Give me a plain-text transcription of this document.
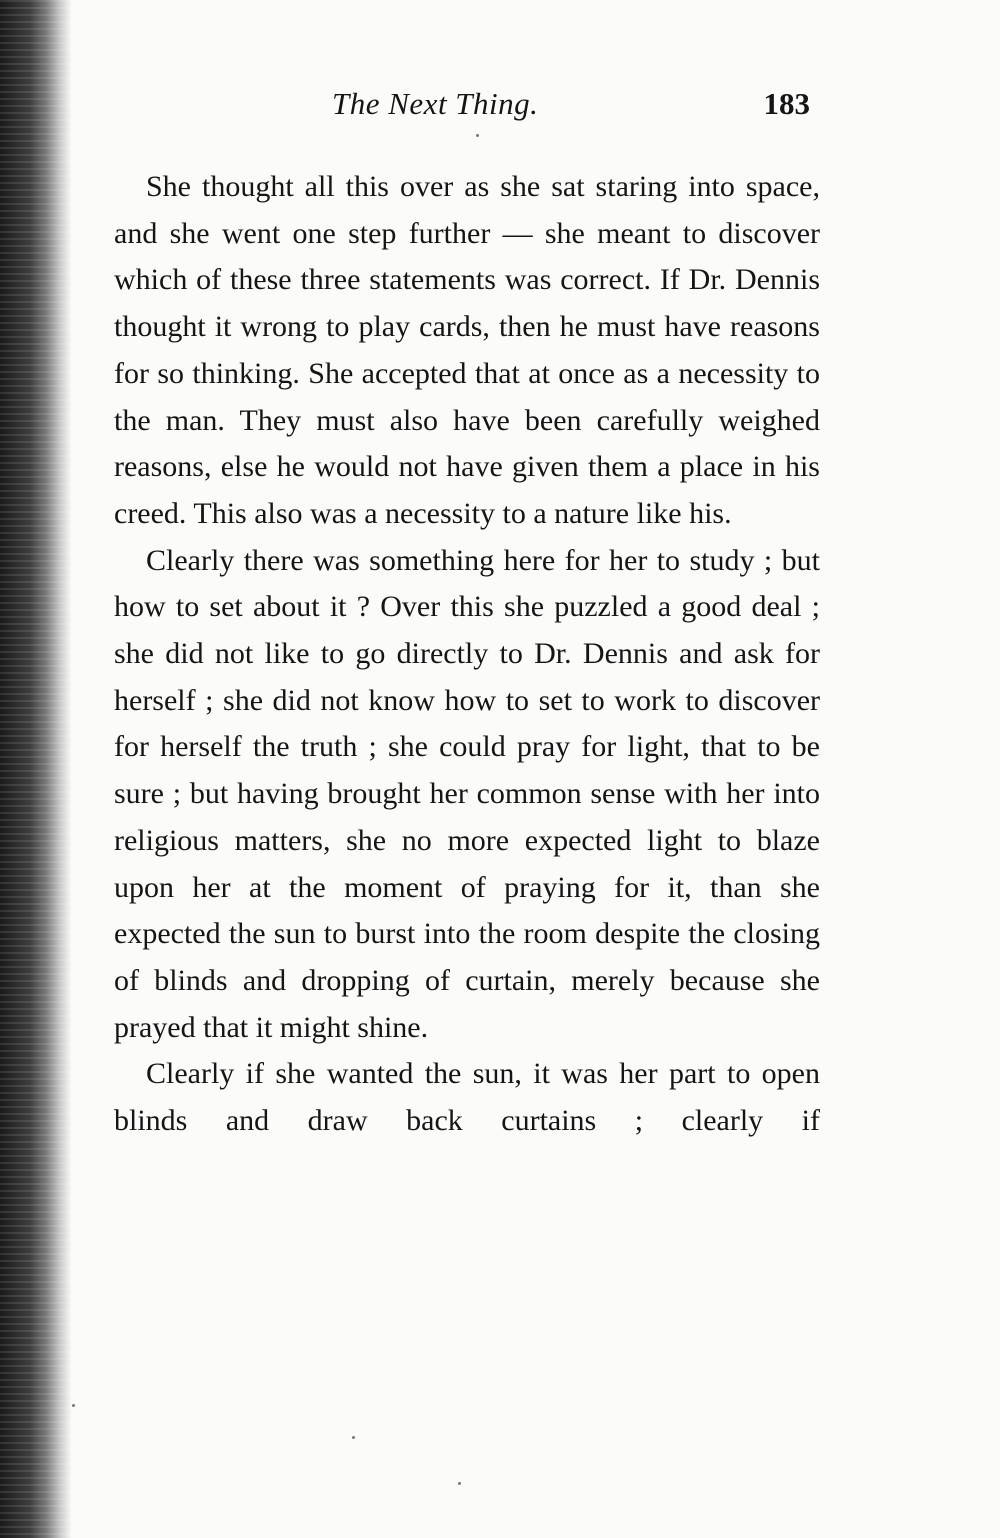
The Next Thing.	183

She thought all this over as she sat staring into space, and she went one step further — she meant to discover which of these three statements was correct. If Dr. Dennis thought it wrong to play cards, then he must have reasons for so thinking. She accepted that at once as a necessity to the man. They must also have been carefully weighed reasons, else he would not have given them a place in his creed. This also was a necessity to a nature like his.

Clearly there was something here for her to study ; but how to set about it ? Over this she puzzled a good deal ; she did not like to go directly to Dr. Dennis and ask for herself ; she did not know how to set to work to discover for herself the truth ; she could pray for light, that to be sure ; but having brought her common sense with her into religious matters, she no more expected light to blaze upon her at the moment of praying for it, than she expected the sun to burst into the room despite the closing of blinds and dropping of curtain, merely because she prayed that it might shine.

Clearly if she wanted the sun, it was her part to open blinds and draw back curtains ; clearly if
